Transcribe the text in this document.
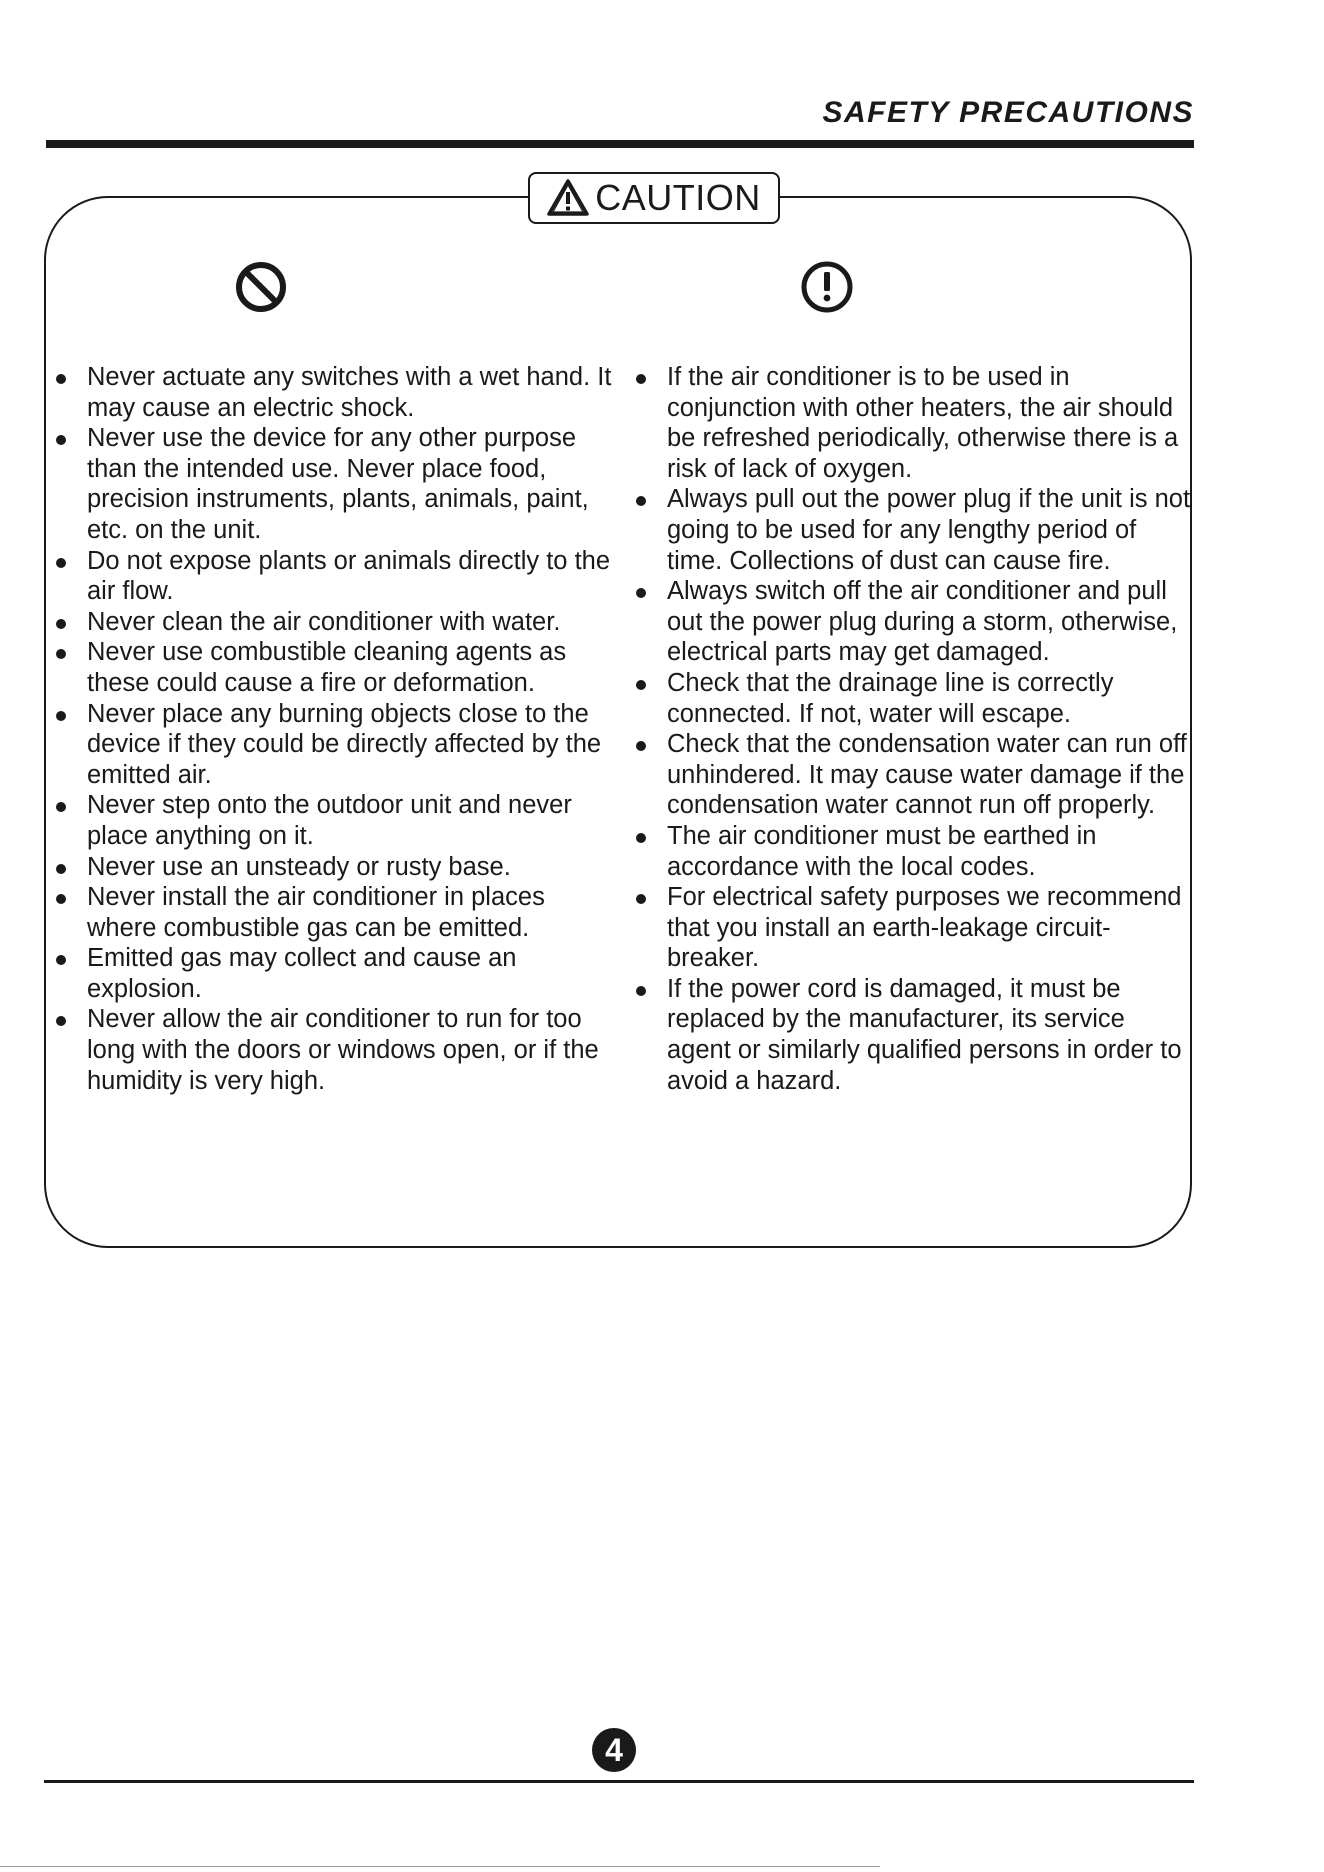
SAFETY PRECAUTIONS
CAUTION
Never actuate any switches with a wet hand. It may cause an electric shock.
Never use the device for any other purpose than the intended use. Never place food, precision instruments, plants, animals, paint, etc. on the unit.
Do not expose plants or animals directly to the air flow.
Never clean the air conditioner with water.
Never use combustible cleaning agents as these could cause a fire or deformation.
Never place any burning objects close to the device if they could be directly affected by the emitted air.
Never step onto the outdoor unit and never place anything on it.
Never use an unsteady or rusty base.
Never install the air conditioner in places where combustible gas can be emitted.
Emitted gas may collect and cause an explosion.
Never allow the air conditioner to run for too long with the doors or windows open, or if the humidity is very high.
If the air conditioner is to be used in conjunction with other heaters, the air should be refreshed periodically, otherwise there is a risk of lack of oxygen.
Always pull out the power plug if the unit is not going to be used for any lengthy period of time. Collections of dust can cause fire.
Always switch off the air conditioner and pull out the power plug during a storm, otherwise, electrical parts may get damaged.
Check that the drainage line is correctly connected. If not, water will escape.
Check that the condensation water can run off unhindered. It may cause water damage if the condensation water cannot run off properly.
The air conditioner must be earthed in accordance with the local codes.
For electrical safety purposes we recommend that you install an earth-leakage circuit-breaker.
If the power cord is damaged, it must be replaced by the manufacturer, its service agent or similarly qualified persons in order to avoid a hazard.
4
